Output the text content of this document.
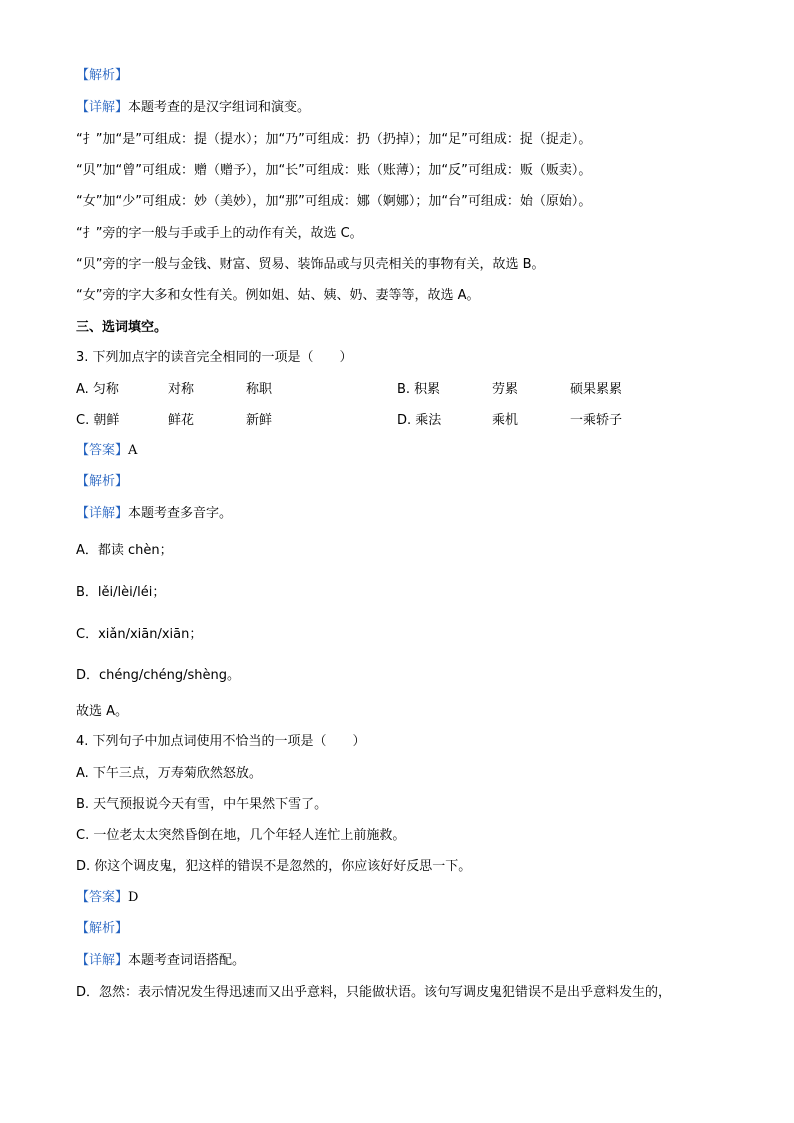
【解析】
【详解】本题考查的是汉字组词和演变。
“扌”加“是”可组成：提（提水）；加“乃”可组成：扔（扔掉）；加“足”可组成：捉（捉走）。
“贝”加“曾”可组成：赠（赠予），加“长”可组成：账（账薄）；加“反”可组成：贩（贩卖）。
“女”加“少”可组成：妙（美妙），加“那”可组成：娜（婀娜）；加“台”可组成：始（原始）。
“扌”旁的字一般与手或手上的动作有关，故选 C。
“贝”旁的字一般与金钱、财富、贸易、装饰品或与贝壳相关的事物有关，故选 B。
“女”旁的字大多和女性有关。例如姐、姑、姨、奶、妻等等，故选 A。
三、选词填空。
3. 下列加点字的读音完全相同的一项是（　　）
A. 匀称	对称	称职	B. 积累	劳累	硕果累累
C. 朝鲜	鲜花	新鲜	D. 乘法	乘机	一乘轿子
【答案】A
【解析】
【详解】本题考查多音字。
A．都读 chèn；
B．lěi/lèi/léi；
C．xiǎn/xiān/xiān；
D．chéng/chéng/shèng。
故选 A。
4. 下列句子中加点词使用不恰当的一项是（　　）
A. 下午三点，万寿菊欣然怒放。
B. 天气预报说今天有雪，中午果然下雪了。
C. 一位老太太突然昏倒在地，几个年轻人连忙上前施救。
D. 你这个调皮鬼，犯这样的错误不是忽然的，你应该好好反思一下。
【答案】D
【解析】
【详解】本题考查词语搭配。
D．忽然：表示情况发生得迅速而又出乎意料，只能做状语。该句写调皮鬼犯错误不是出乎意料发生的，
